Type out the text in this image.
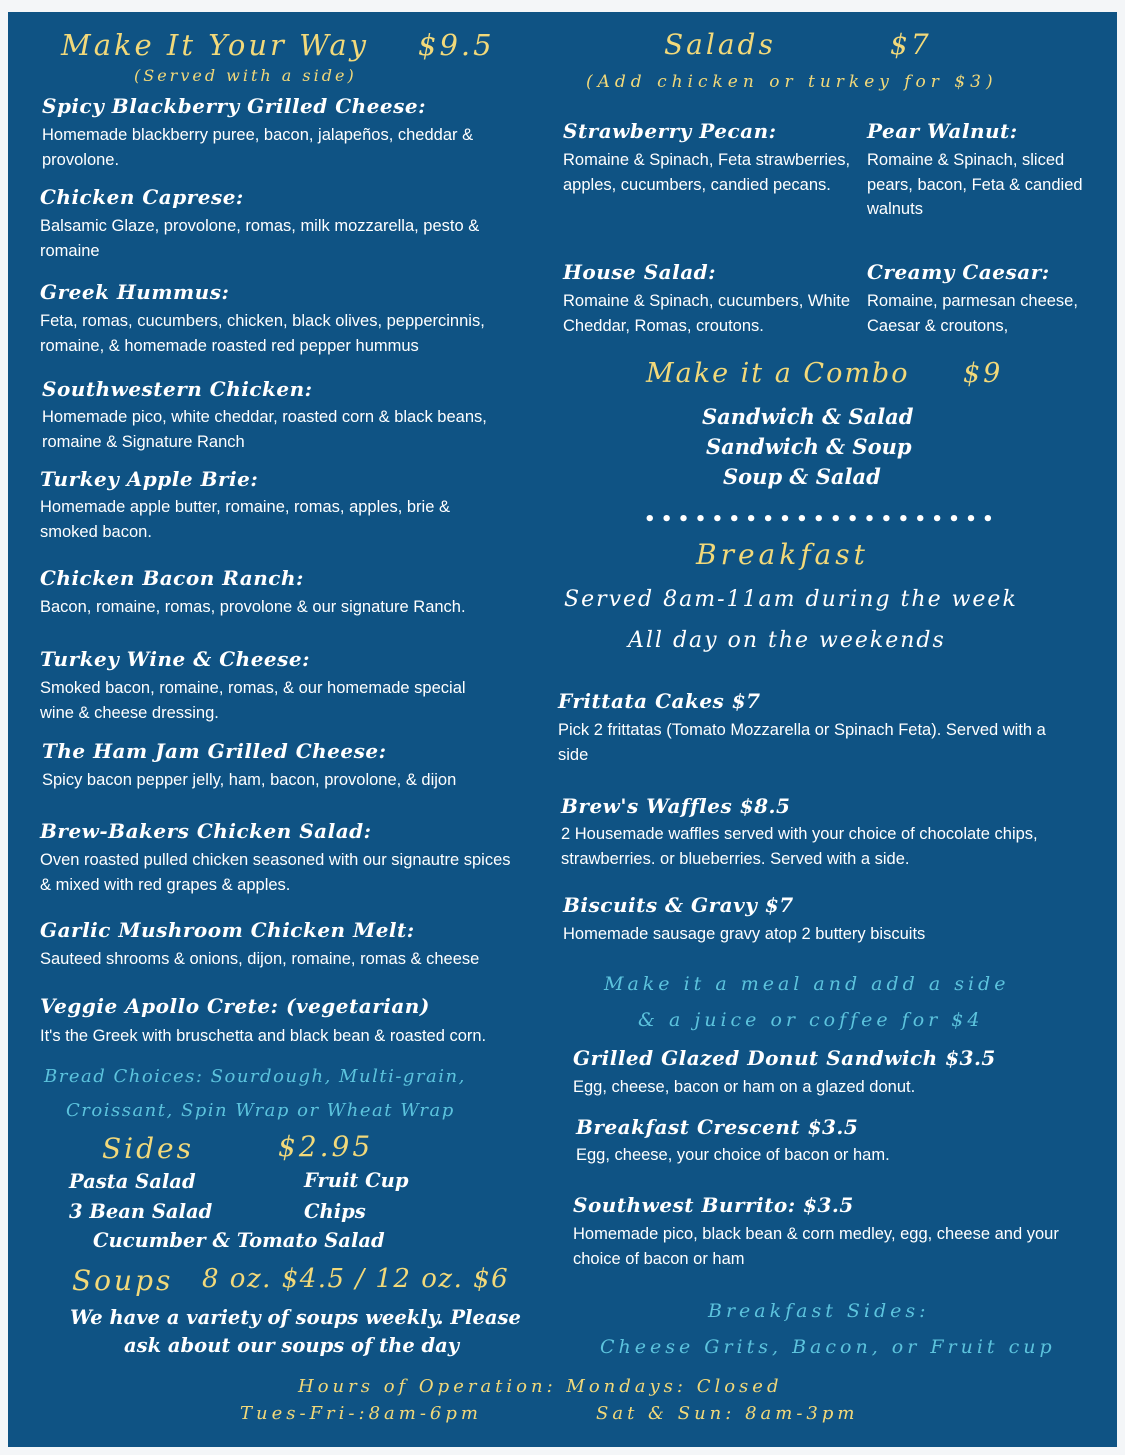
Make It Your Way $9.5
(Served with a side)
Spicy Blackberry Grilled Cheese:
Homemade blackberry puree, bacon, jalapeños, cheddar & provolone.
Chicken Caprese:
Balsamic Glaze, provolone, romas, milk mozzarella, pesto & romaine
Greek Hummus:
Feta, romas, cucumbers, chicken, black olives, peppercinnis, romaine, & homemade roasted red pepper hummus
Southwestern Chicken:
Homemade pico, white cheddar, roasted corn & black beans, romaine & Signature Ranch
Turkey Apple Brie:
Homemade apple butter, romaine, romas, apples, brie & smoked bacon.
Chicken Bacon Ranch:
Bacon, romaine, romas, provolone & our signature Ranch.
Turkey Wine & Cheese:
Smoked bacon, romaine, romas, & our homemade special wine & cheese dressing.
The Ham Jam Grilled Cheese:
Spicy bacon pepper jelly, ham, bacon, provolone, & dijon
Brew-Bakers Chicken Salad:
Oven roasted pulled chicken seasoned with our signautre spices & mixed with red grapes & apples.
Garlic Mushroom Chicken Melt:
Sauteed shrooms & onions, dijon, romaine, romas & cheese
Veggie Apollo Crete: (vegetarian)
It's the Greek with bruschetta and black bean & roasted corn.
Bread Choices: Sourdough, Multi-grain,
Croissant, Spin Wrap or Wheat Wrap
Sides	$2.95
Pasta Salad	Fruit Cup
3 Bean Salad	Chips
Cucumber & Tomato Salad
Soups 8 oz. $4.5 / 12 oz. $6
We have a variety of soups weekly. Please
ask about our soups of the day
Salads	$7
(Add chicken or turkey for $3)
Strawberry Pecan:
Romaine & Spinach, Feta strawberries, apples, cucumbers, candied pecans.
Pear Walnut:
Romaine & Spinach, sliced pears, bacon, Feta & candied walnuts
House Salad:
Romaine & Spinach, cucumbers, White Cheddar, Romas, croutons.
Creamy Caesar:
Romaine, parmesan cheese, Caesar & croutons,
Make it a Combo $9
Sandwich & Salad
Sandwich & Soup
Soup & Salad
•••••••••••••••••••••
Breakfast
Served 8am-11am during the week
All day on the weekends
Frittata Cakes $7
Pick 2 frittatas (Tomato Mozzarella or Spinach Feta). Served with a side
Brew's Waffles $8.5
2 Housemade waffles served with your choice of chocolate chips, strawberries. or blueberries. Served with a side.
Biscuits & Gravy $7
Homemade sausage gravy atop 2 buttery biscuits
Make it a meal and add a side
& a juice or coffee for $4
Grilled Glazed Donut Sandwich $3.5
Egg, cheese, bacon or ham on a glazed donut.
Breakfast Crescent $3.5
Egg, cheese, your choice of bacon or ham.
Southwest Burrito: $3.5
Homemade pico, black bean & corn medley, egg, cheese and your choice of bacon or ham
Breakfast Sides:
Cheese Grits, Bacon, or Fruit cup
Hours of Operation: Mondays: Closed
Tues-Fri-:8am-6pm	Sat & Sun: 8am-3pm
